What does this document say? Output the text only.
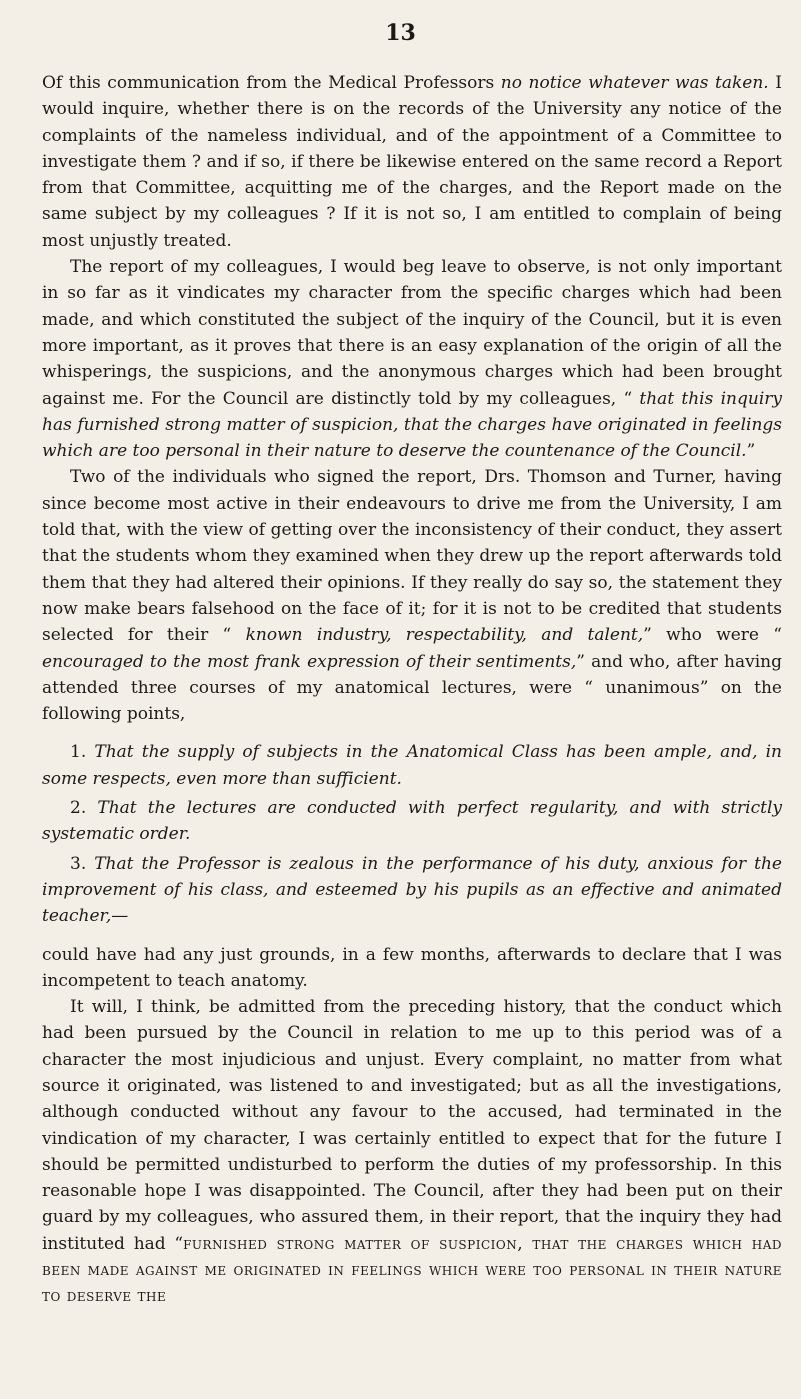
13

Of this communication from the Medical Professors no notice whatever was taken. I would inquire, whether there is on the records of the University any notice of the complaints of the nameless individual, and of the appointment of a Committee to investigate them ? and if so, if there be likewise entered on the same record a Report from that Committee, acquitting me of the charges, and the Report made on the same subject by my colleagues ? If it is not so, I am entitled to complain of being most unjustly treated.

The report of my colleagues, I would beg leave to observe, is not only important in so far as it vindicates my character from the specific charges which had been made, and which constituted the subject of the inquiry of the Council, but it is even more important, as it proves that there is an easy explanation of the origin of all the whisperings, the suspicions, and the anonymous charges which had been brought against me. For the Council are distinctly told by my colleagues, “ that this inquiry has furnished strong matter of suspicion, that the charges have originated in feelings which are too personal in their nature to deserve the countenance of the Council.”

Two of the individuals who signed the report, Drs. Thomson and Turner, having since become most active in their endeavours to drive me from the University, I am told that, with the view of getting over the inconsistency of their conduct, they assert that the students whom they examined when they drew up the report afterwards told them that they had altered their opinions. If they really do say so, the statement they now make bears falsehood on the face of it; for it is not to be credited that students selected for their “ known industry, respectability, and talent,” who were “ encouraged to the most frank expression of their sentiments,” and who, after having attended three courses of my anatomical lectures, were “ unanimous” on the following points,

1. That the supply of subjects in the Anatomical Class has been ample, and, in some respects, even more than sufficient.

2. That the lectures are conducted with perfect regularity, and with strictly systematic order.

3. That the Professor is zealous in the performance of his duty, anxious for the improvement of his class, and esteemed by his pupils as an effective and animated teacher,—

could have had any just grounds, in a few months, afterwards to declare that I was incompetent to teach anatomy.

It will, I think, be admitted from the preceding history, that the conduct which had been pursued by the Council in relation to me up to this period was of a character the most injudicious and unjust. Every complaint, no matter from what source it originated, was listened to and investigated; but as all the investigations, although conducted without any favour to the accused, had terminated in the vindication of my character, I was certainly entitled to expect that for the future I should be permitted undisturbed to perform the duties of my professorship. In this reasonable hope I was disappointed. The Council, after they had been put on their guard by my colleagues, who assured them, in their report, that the inquiry they had instituted had “furnished strong matter of suspicion, that the charges which had been made against me originated in feelings which were too personal in their nature to deserve the
